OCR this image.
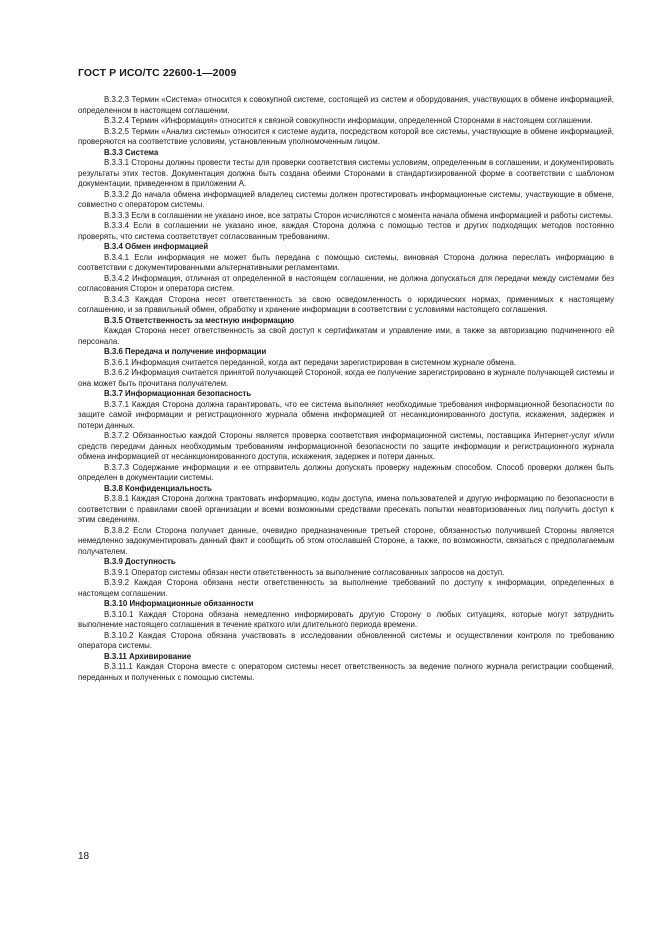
ГОСТ Р ИСО/ТС 22600-1—2009

B.3.2.3 Термин «Система» относится к совокупной системе, состоящей из систем и оборудования, участвующих в обмене информацией, определенном в настоящем соглашении.

B.3.2.4 Термин «Информация» относится к связной совокупности информации, определенной Сторонами в настоящем соглашении.

B.3.2.5 Термин «Анализ системы» относится к системе аудита, посредством которой все системы, участвующие в обмене информацией, проверяются на соответствие условиям, установленным уполномоченным лицом.

B.3.3 Система

B.3.3.1 Стороны должны провести тесты для проверки соответствия системы условиям, определенным в соглашении, и документировать результаты этих тестов. Документация должна быть создана обеими Сторонами в стандартизированной форме в соответствии с шаблоном документации, приведенном в приложении А.

B.3.3.2 До начала обмена информацией владелец системы должен протестировать информационные системы, участвующие в обмене, совместно с оператором системы.

B.3.3.3 Если в соглашении не указано иное, все затраты Сторон исчисляются с момента начала обмена информацией и работы системы.

B.3.3.4 Если в соглашении не указано иное, каждая Сторона должна с помощью тестов и других подходящих методов постоянно проверять, что система соответствует согласованным требованиям.

B.3.4 Обмен информацией

B.3.4.1 Если информация не может быть передана с помощью системы, виновная Сторона должна переслать информацию в соответствии с документированными альтернативными регламентами.

B.3.4.2 Информация, отличная от определенной в настоящем соглашении, не должна допускаться для передачи между системами без согласования Сторон и оператора систем.

B.3.4.3 Каждая Сторона несет ответственность за свою осведомленность о юридических нормах, применимых к настоящему соглашению, и за правильный обмен, обработку и хранение информации в соответствии с условиями настоящего соглашения.

B.3.5 Ответственность за местную информацию

Каждая Сторона несет ответственность за свой доступ к сертификатам и управление ими, а также за авторизацию подчиненного ей персонала.

B.3.6 Передача и получение информации

B.3.6.1 Информация считается переданной, когда акт передачи зарегистрирован в системном журнале обмена.

B.3.6.2 Информация считается принятой получающей Стороной, когда ее получение зарегистрировано в журнале получающей системы и она может быть прочитана получателем.

B.3.7 Информационная безопасность

B.3.7.1 Каждая Сторона должна гарантировать, что ее система выполняет необходимые требования информационной безопасности по защите самой информации и регистрационного журнала обмена информацией от несанкционированного доступа, искажения, задержек и потери данных.

B.3.7.2 Обязанностью каждой Стороны является проверка соответствия информационной системы, поставщика Интернет-услуг и/или средств передачи данных необходимым требованиям информационной безопасности по защите информации и регистрационного журнала обмена информацией от несанкционированного доступа, искажения, задержек и потери данных.

B.3.7.3 Содержание информации и ее отправитель должны допускать проверку надежным способом. Способ проверки должен быть определен в документации системы.

B.3.8 Конфиденциальность

B.3.8.1 Каждая Сторона должна трактовать информацию, коды доступа, имена пользователей и другую информацию по безопасности в соответствии с правилами своей организации и всеми возможными средствами пресекать попытки неавторизованных лиц получить доступ к этим сведениям.

B.3.8.2 Если Сторона получает данные, очевидно предназначенные третьей стороне, обязанностью получившей Стороны является немедленно задокументировать данный факт и сообщить об этом отославшей Стороне, а также, по возможности, связаться с предполагаемым получателем.

B.3.9 Доступность

B.3.9.1 Оператор системы обязан нести ответственность за выполнение согласованных запросов на доступ.

B.3.9.2 Каждая Сторона обязана нести ответственность за выполнение требований по доступу к информации, определенных в настоящем соглашении.

B.3.10 Информационные обязанности

B.3.10.1 Каждая Сторона обязана немедленно информировать другую Сторону о любых ситуациях, которые могут затруднить выполнение настоящего соглашения в течение краткого или длительного периода времени.

B.3.10.2 Каждая Сторона обязана участвовать в исследовании обновленной системы и осуществлении контроля по требованию оператора системы.

B.3.11 Архивирование

B.3.11.1 Каждая Сторона вместе с оператором системы несет ответственность за ведение полного журнала регистрации сообщений, переданных и полученных с помощью системы.

18
